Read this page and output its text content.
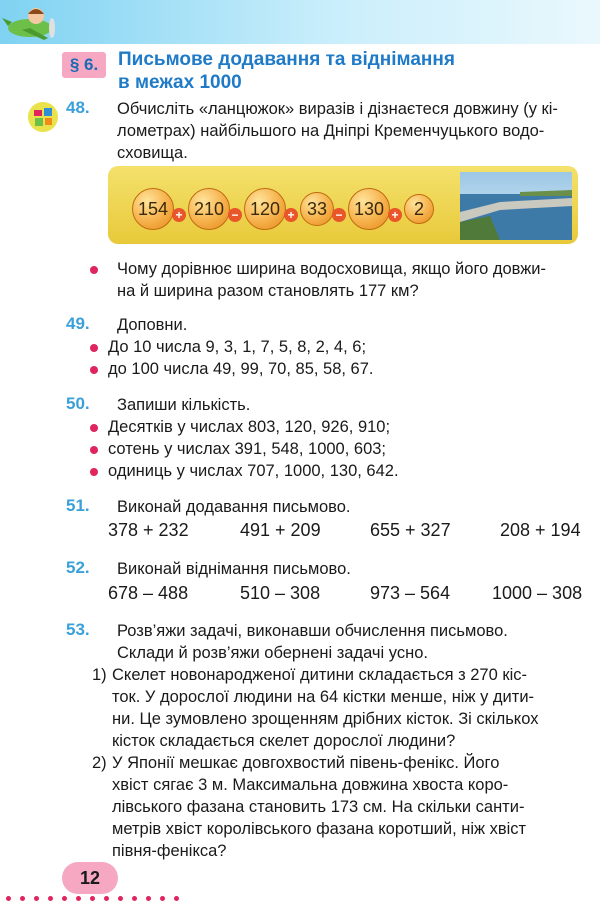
§ 6.	Письмове додавання та віднімання
в межах 1000
48. Обчисліть «ланцюжок» виразів і дізнаєтеся довжину (у кі-
лометрах) найбільшого на Дніпрі Кременчуцького водо-
сховища.
154 + 210 − 120 + 33 − 130 + 2
Чому дорівнює ширина водосховища, якщо його довжи-
на й ширина разом становлять 177 км?
49. Доповни.
До 10 числа 9, 3, 1, 7, 5, 8, 2, 4, 6;
до 100 числа 49, 99, 70, 85, 58, 67.
50. Запиши кількість.
Десятків у числах 803, 120, 926, 910;
сотень у числах 391, 548, 1000, 603;
одиниць у числах 707, 1000, 130, 642.
51. Виконай додавання письмово.
378 + 232	491 + 209	655 + 327	208 + 194
52. Виконай віднімання письмово.
678 – 488	510 – 308	973 – 564 1000 – 308
53. Розв’яжи задачі, виконавши обчислення письмово.
Склади й розв’яжи обернені задачі усно.
1) Скелет новонародженої дитини складається з 270 кіс-
ток. У дорослої людини на 64 кістки менше, ніж у дити-
ни. Це зумовлено зрощенням дрібних кісток. Зі скількох
кісток складається скелет дорослої людини?
2) У Японії мешкає довгохвостий півень-фенікс. Його
хвіст сягає 3 м. Максимальна довжина хвоста коро-
лівського фазана становить 173 см. На скільки санти-
метрів хвіст королівського фазана коротший, ніж хвіст
півня-фенікса?
12
